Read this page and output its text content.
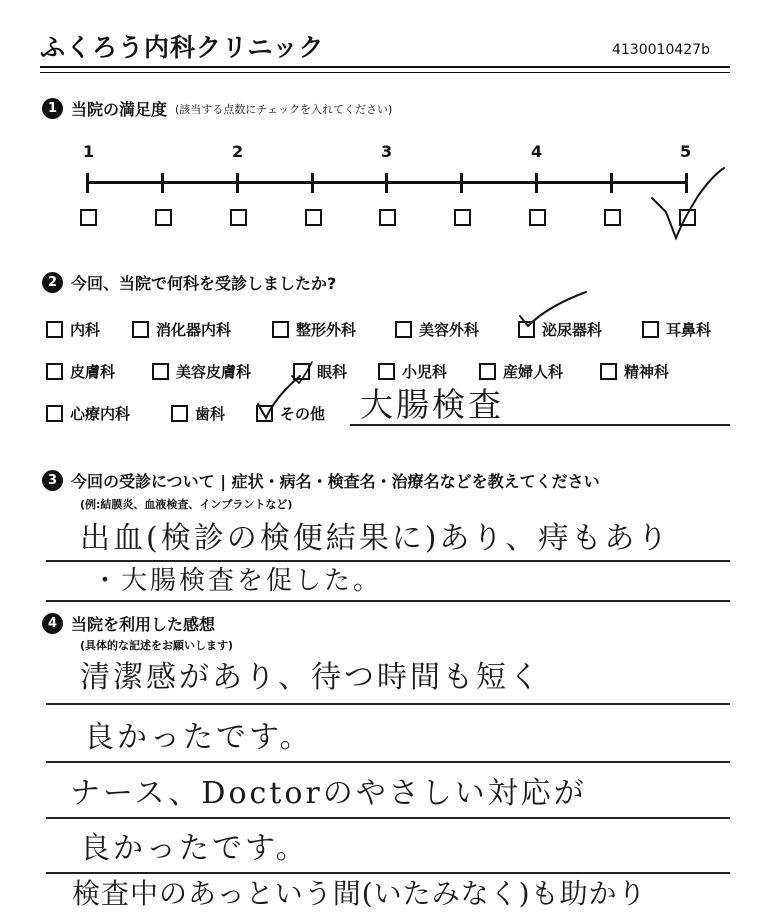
ふくろう内科クリニック	4130010427b
1 当院の満足度 (該当する点数にチェックを入れてください)
1	2	3	4	5
2 今回、当院で何科を受診しましたか?
内科	消化器内科	整形外科	美容外科	泌尿器科	耳鼻科
皮膚科	美容皮膚科	眼科	小児科	産婦人科	精神科
心療内科	歯科	その他 大腸検査
3 今回の受診について | 症状・病名・検査名・治療名などを教えてください
(例:結膜炎、血液検査、インプラントなど)
出血(検診の検便結果に)あり、痔もあり
・大腸検査を促した。
4 当院を利用した感想
(具体的な記述をお願いします)
清潔感があり、待つ時間も短く
良かったです。
ナース、Doctorのやさしい対応が
良かったです。
検査中のあっという間(いたみなく)も助かり
